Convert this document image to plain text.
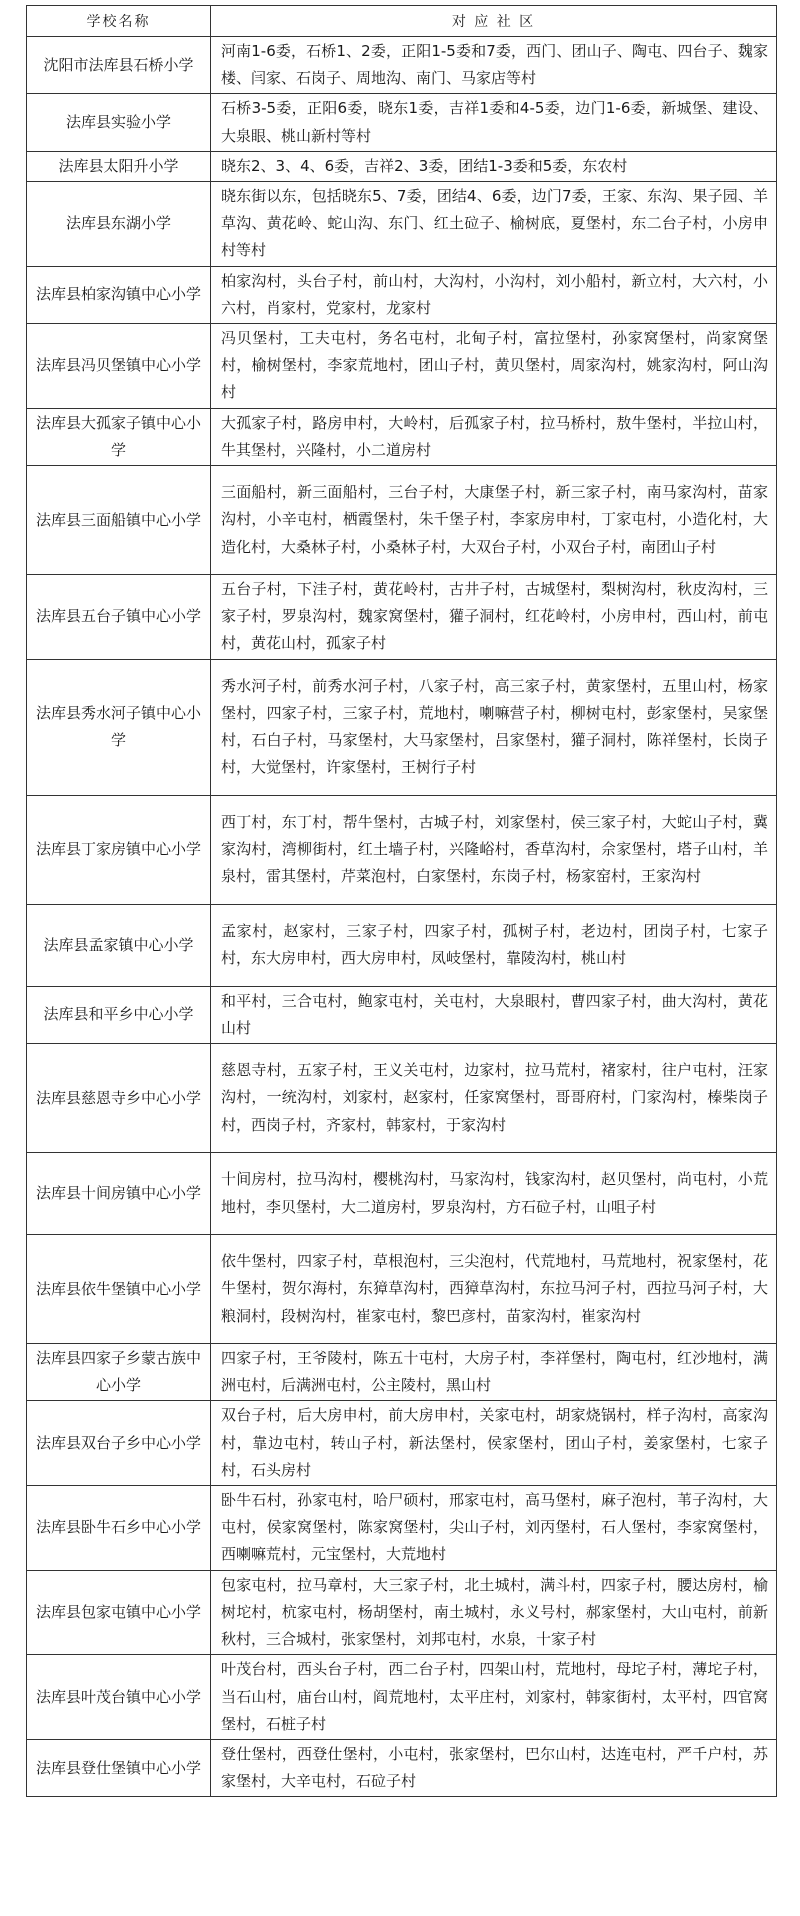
学校名称	对 应 社 区
沈阳市法库县石桥小学	河南1-6委，石桥1、2委，正阳1-5委和7委，西门、团山子、陶屯、四台子、魏家楼、闫家、石岗子、周地沟、南门、马家店等村
法库县实验小学	石桥3-5委，正阳6委，晓东1委，吉祥1委和4-5委，边门1-6委，新城堡、建设、大泉眼、桃山新村等村
法库县太阳升小学	晓东2、3、4、6委，吉祥2、3委，团结1-3委和5委，东农村
法库县东湖小学	晓东街以东，包括晓东5、7委，团结4、6委，边门7委，王家、东沟、果子园、羊草沟、黄花岭、蛇山沟、东门、红土砬子、榆树底，夏堡村，东二台子村，小房申村等村
法库县柏家沟镇中心小学	柏家沟村，头台子村，前山村，大沟村，小沟村，刘小船村，新立村，大六村，小六村，肖家村，党家村，龙家村
法库县冯贝堡镇中心小学	冯贝堡村，工夫屯村，务名屯村，北甸子村，富拉堡村，孙家窝堡村，尚家窝堡村，榆树堡村，李家荒地村，团山子村，黄贝堡村，周家沟村，姚家沟村，阿山沟村
法库县大孤家子镇中心小学	大孤家子村，路房申村，大岭村，后孤家子村，拉马桥村，敖牛堡村，半拉山村，牛其堡村，兴隆村，小二道房村
法库县三面船镇中心小学	三面船村，新三面船村，三台子村，大康堡子村，新三家子村，南马家沟村，苗家沟村，小辛屯村，栖霞堡村，朱千堡子村，李家房申村，丁家屯村，小造化村，大造化村，大桑林子村，小桑林子村，大双台子村，小双台子村，南团山子村
法库县五台子镇中心小学	五台子村，下洼子村，黄花岭村，古井子村，古城堡村，梨树沟村，秋皮沟村，三家子村，罗泉沟村，魏家窝堡村，獾子洞村，红花岭村，小房申村，西山村，前屯村，黄花山村，孤家子村
法库县秀水河子镇中心小学	秀水河子村，前秀水河子村，八家子村，高三家子村，黄家堡村，五里山村，杨家堡村，四家子村，三家子村，荒地村，喇嘛营子村，柳树屯村，彭家堡村，吴家堡村，石白子村，马家堡村，大马家堡村，吕家堡村，獾子洞村，陈祥堡村，长岗子村，大觉堡村，许家堡村，王树行子村
法库县丁家房镇中心小学	西丁村，东丁村，帮牛堡村，古城子村，刘家堡村，侯三家子村，大蛇山子村，冀家沟村，湾柳街村，红土墙子村，兴隆峪村，香草沟村，佘家堡村，塔子山村，羊泉村，雷其堡村，芹菜泡村，白家堡村，东岗子村，杨家窑村，王家沟村
法库县孟家镇中心小学	孟家村，赵家村，三家子村，四家子村，孤树子村，老边村，团岗子村，七家子村，东大房申村，西大房申村，凤岐堡村，靠陵沟村，桃山村
法库县和平乡中心小学	和平村，三合屯村，鲍家屯村，关屯村，大泉眼村，曹四家子村，曲大沟村，黄花山村
法库县慈恩寺乡中心小学	慈恩寺村，五家子村，王义关屯村，边家村，拉马荒村，褚家村，往户屯村，汪家沟村，一统沟村，刘家村，赵家村，任家窝堡村，哥哥府村，门家沟村，榛柴岗子村，西岗子村，齐家村，韩家村，于家沟村
法库县十间房镇中心小学	十间房村，拉马沟村，樱桃沟村，马家沟村，钱家沟村，赵贝堡村，尚屯村，小荒地村，李贝堡村，大二道房村，罗泉沟村，方石砬子村，山咀子村
法库县依牛堡镇中心小学	依牛堡村，四家子村，草根泡村，三尖泡村，代荒地村，马荒地村，祝家堡村，花牛堡村，贺尔海村，东獐草沟村，西獐草沟村，东拉马河子村，西拉马河子村，大粮洞村，段树沟村，崔家屯村，黎巴彦村，苗家沟村，崔家沟村
法库县四家子乡蒙古族中心小学	四家子村，王爷陵村，陈五十屯村，大房子村，李祥堡村，陶屯村，红沙地村，满洲屯村，后满洲屯村，公主陵村，黑山村
法库县双台子乡中心小学	双台子村，后大房申村，前大房申村，关家屯村，胡家烧锅村，样子沟村，高家沟村，靠边屯村，转山子村，新法堡村，侯家堡村，团山子村，姜家堡村，七家子村，石头房村
法库县卧牛石乡中心小学	卧牛石村，孙家屯村，哈尸硕村，邢家屯村，高马堡村，麻子泡村，苇子沟村，大屯村，侯家窝堡村，陈家窝堡村，尖山子村，刘丙堡村，石人堡村，李家窝堡村，西喇嘛荒村，元宝堡村，大荒地村
法库县包家屯镇中心小学	包家屯村，拉马章村，大三家子村，北土城村，满斗村，四家子村，腰达房村，榆树坨村，杭家屯村，杨胡堡村，南土城村，永义号村，郝家堡村，大山屯村，前新秋村，三合城村，张家堡村，刘邦屯村，水泉，十家子村
法库县叶茂台镇中心小学	叶茂台村，西头台子村，西二台子村，四架山村，荒地村，母坨子村，薄坨子村，当石山村，庙台山村，阎荒地村，太平庄村，刘家村，韩家街村，太平村，四官窝堡村，石桩子村
法库县登仕堡镇中心小学	登仕堡村，西登仕堡村，小屯村，张家堡村，巴尔山村，达连屯村，严千户村，苏家堡村，大辛屯村，石砬子村
